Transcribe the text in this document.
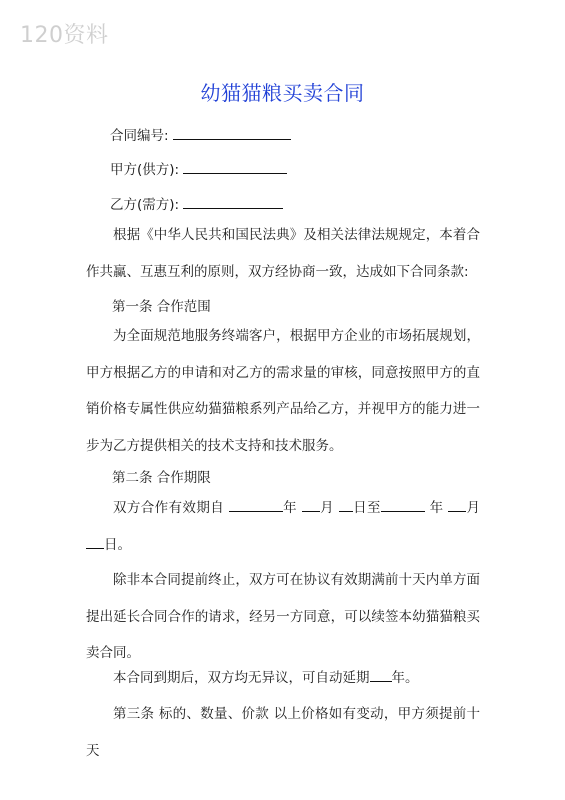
120资料
幼猫猫粮买卖合同
合同编号:
甲方(供方):
乙方(需方):
根据《中华人民共和国民法典》及相关法律法规规定，本着合作共赢、互惠互利的原则，双方经协商一致，达成如下合同条款:
第一条 合作范围
为全面规范地服务终端客户，根据甲方企业的市场拓展规划，甲方根据乙方的申请和对乙方的需求量的审核，同意按照甲方的直销价格专属性供应幼猫猫粮系列产品给乙方，并视甲方的能力进一步为乙方提供相关的技术支持和技术服务。
第二条 合作期限
双方合作有效期自	年 月 日至	年 月 日。
除非本合同提前终止，双方可在协议有效期满前十天内单方面提出延长合同合作的请求，经另一方同意，可以续签本幼猫猫粮买卖合同。
本合同到期后，双方均无异议，可自动延期 年。
第三条 标的、数量、价款 以上价格如有变动，甲方须提前十天
